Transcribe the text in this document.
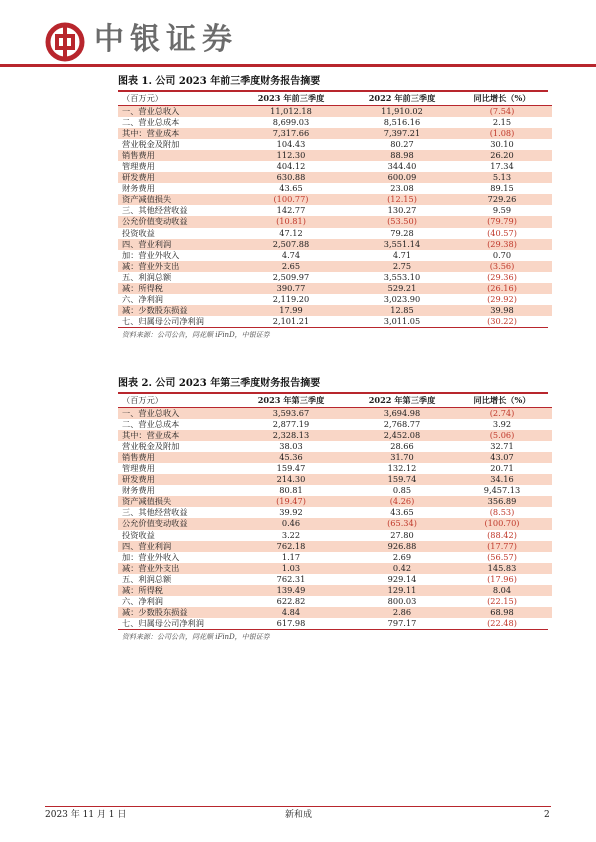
中银证券
图表 1. 公司 2023 年前三季度财务报告摘要
（百万元）	2023 年前三季度	2022 年前三季度	同比增长（%）
一、营业总收入	11,012.18	11,910.02	(7.54)
二、营业总成本	8,699.03	8,516.16	2.15
其中：营业成本	7,317.66	7,397.21	(1.08)
营业税金及附加	104.43	80.27	30.10
销售费用	112.30	88.98	26.20
管理费用	404.12	344.40	17.34
研发费用	630.88	600.09	5.13
财务费用	43.65	23.08	89.15
资产减值损失	(100.77)	(12.15)	729.26
三、其他经营收益	142.77	130.27	9.59
公允价值变动收益	(10.81)	(53.50)	(79.79)
投资收益	47.12	79.28	(40.57)
四、营业利润	2,507.88	3,551.14	(29.38)
加：营业外收入	4.74	4.71	0.70
减：营业外支出	2.65	2.75	(3.56)
五、利润总额	2,509.97	3,553.10	(29.36)
减：所得税	390.77	529.21	(26.16)
六、净利润	2,119.20	3,023.90	(29.92)
减：少数股东损益	17.99	12.85	39.98
七、归属母公司净利润	2,101.21	3,011.05	(30.22)
资料来源：公司公告，同花顺 iFinD，中银证券
图表 2. 公司 2023 年第三季度财务报告摘要
（百万元）	2023 年第三季度	2022 年第三季度	同比增长（%）
一、营业总收入	3,593.67	3,694.98	(2.74)
二、营业总成本	2,877.19	2,768.77	3.92
其中：营业成本	2,328.13	2,452.08	(5.06)
营业税金及附加	38.03	28.66	32.71
销售费用	45.36	31.70	43.07
管理费用	159.47	132.12	20.71
研发费用	214.30	159.74	34.16
财务费用	80.81	0.85	9,457.13
资产减值损失	(19.47)	(4.26)	356.89
三、其他经营收益	39.92	43.65	(8.53)
公允价值变动收益	0.46	(65.34)	(100.70)
投资收益	3.22	27.80	(88.42)
四、营业利润	762.18	926.88	(17.77)
加：营业外收入	1.17	2.69	(56.57)
减：营业外支出	1.03	0.42	145.83
五、利润总额	762.31	929.14	(17.96)
减：所得税	139.49	129.11	8.04
六、净利润	622.82	800.03	(22.15)
减：少数股东损益	4.84	2.86	68.98
七、归属母公司净利润	617.98	797.17	(22.48)
资料来源：公司公告，同花顺 iFinD，中银证券
2023 年 11 月 1 日	新和成	2
